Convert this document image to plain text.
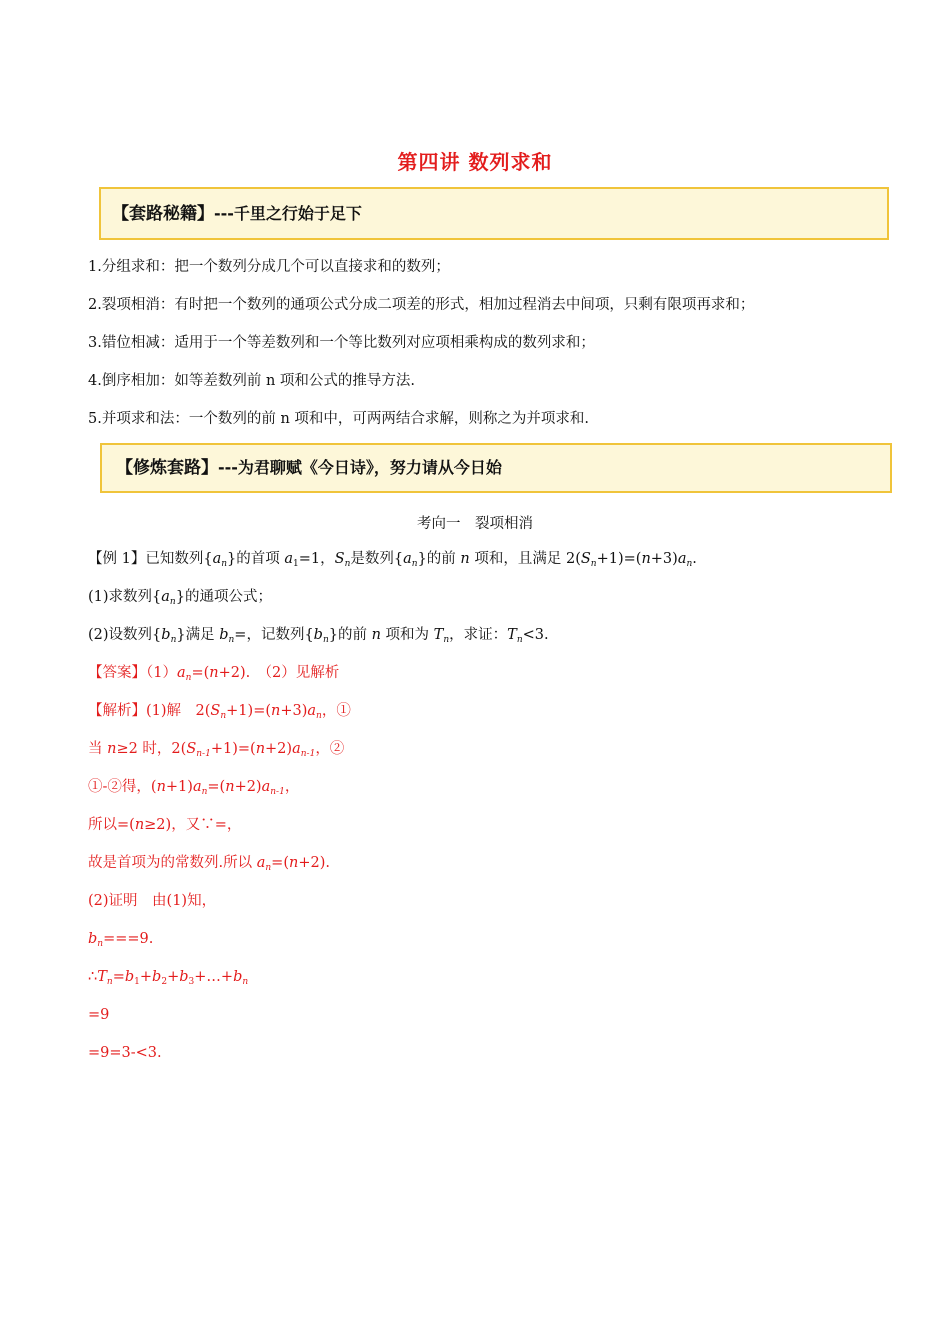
第四讲 数列求和
【套路秘籍】---千里之行始于足下
1.分组求和：把一个数列分成几个可以直接求和的数列；
2.裂项相消：有时把一个数列的通项公式分成二项差的形式，相加过程消去中间项，只剩有限项再求和；
3.错位相减：适用于一个等差数列和一个等比数列对应项相乘构成的数列求和；
4.倒序相加：如等差数列前 n 项和公式的推导方法.
5.并项求和法：一个数列的前 n 项和中，可两两结合求解，则称之为并项求和.
【修炼套路】---为君聊赋《今日诗》，努力请从今日始
考向一　裂项相消
【例 1】已知数列$\{a_n\}$的首项 $a_1=1$，$S_n$是数列$\{a_n\}$的前 n 项和，且满足 $2(S_n+1)=(n+3)a_n$.
(1)求数列$\{a_n\}$的通项公式；
(2)设数列$\{b_n\}$满足 $b_n=$，记数列$\{b_n\}$的前 n 项和为 $T_n$，求证：$T_n<3$.
【答案】$(1)a_n=(n+2)$.　（2）见解析
【解析】(1)解　$2(S_n+1)=(n+3)a_n$，①
当 n≥2 时，$2(S_{n-1}+1)=(n+2)a_{n-1}$，②
①-②得，$(n+1)a_n=(n+2)a_{n-1}$，
所以=(n≥2)，又∵=，
故是首项为的常数列.所以 $a_n=(n+2)$.
(2)证明　由(1)知，
$b_n===9$.
$\therefore T_n=b_1+b_2+b_3+\dots+b_n$
=9
=9=3-<3.
